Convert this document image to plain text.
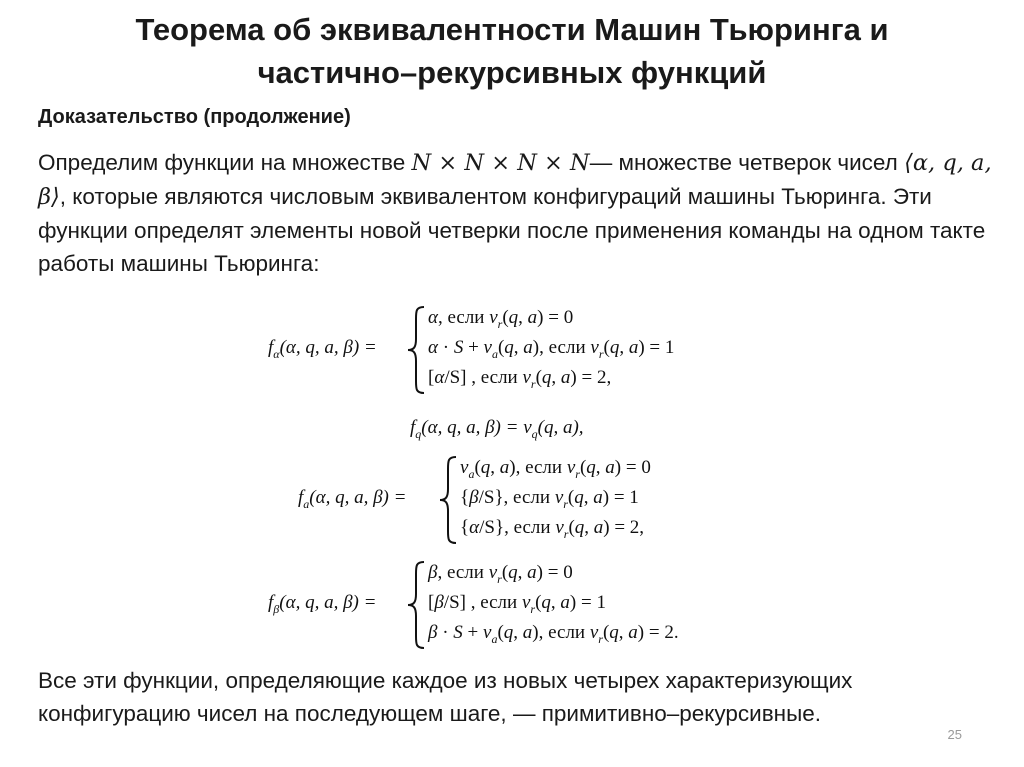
Теорема об эквивалентности Машин Тьюринга и
частично–рекурсивных функций
Доказательство (продолжение)
Определим функции на множестве N × N × N × N— множестве четверок чисел ⟨α, q, a, β⟩, которые являются числовым эквивалентом конфигураций машины Тьюринга. Эти функции определят элементы новой четверки после применения команды на одном такте работы машины Тьюринга:
$f_\alpha(\alpha$, q, a, β) =
α, если $v_r(q$, a) = 0
$\alpha \cdot S + v_a(q$, a), если $v_r(q$, a) = 1
[α/S] , если $v_r(q$, a) = 2,
$f_q(\alpha$, q, a, $\beta) = v_q(q$, a),
$f_a(\alpha$, q, a, β) =
$v_a(q$, a), если $v_r(q$, a) = 0
{β/S}, если $v_r(q$, a) = 1
{α/S}, если $v_r(q$, a) = 2,
$f_\beta(\alpha$, q, a, β) =
β, если $v_r(q$, a) = 0
[β/S] , если $v_r(q$, a) = 1
$\beta \cdot S + v_a(q$, a), если $v_r(q$, a) = 2.
Все эти функции, определяющие каждое из новых четырех характеризующих конфигурацию чисел на последующем шаге, — примитивно–рекурсивные.
25
